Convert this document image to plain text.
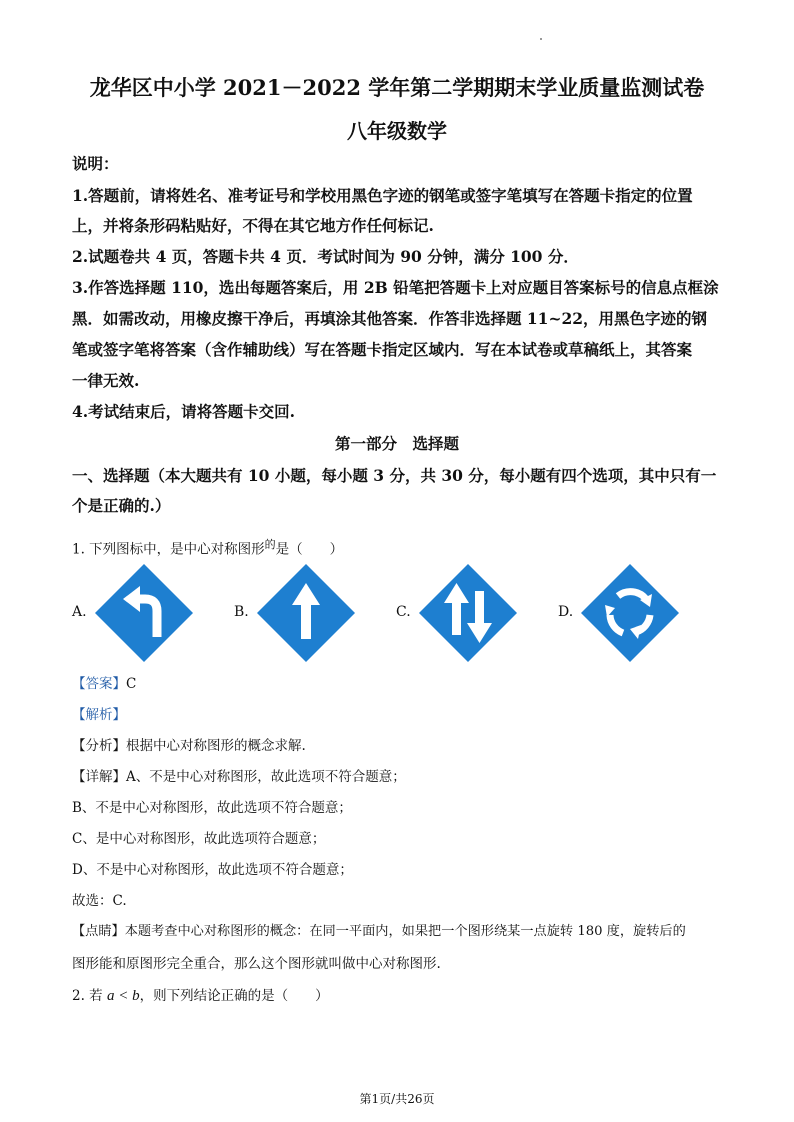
龙华区中小学 2021－2022 学年第二学期期末学业质量监测试卷
八年级数学
说明：
1.答题前，请将姓名、准考证号和学校用黑色字迹的钢笔或签字笔填写在答题卡指定的位置
上，并将条形码粘贴好，不得在其它地方作任何标记.
2.试题卷共 4 页，答题卡共 4 页．考试时间为 90 分钟，满分 100 分．
3.作答选择题 110，选出每题答案后，用 2B 铅笔把答题卡上对应题目答案标号的信息点框涂
黑．如需改动，用橡皮擦干净后，再填涂其他答案．作答非选择题 11~22，用黑色字迹的钢
笔或签字笔将答案（含作辅助线）写在答题卡指定区域内．写在本试卷或草稿纸上，其答案
一律无效.
4.考试结束后，请将答题卡交回.
第一部分　选择题
一、选择题（本大题共有 10 小题，每小题 3 分，共 30 分，每小题有四个选项，其中只有一
个是正确的.）
1. 下列图标中，是中心对称图形$^的$是（　　）
A.	B.	C.	D.
【答案】C
【解析】
【分析】根据中心对称图形的概念求解.
【详解】A、不是中心对称图形，故此选项不符合题意；
B、不是中心对称图形，故此选项不符合题意；
C、是中心对称图形，故此选项符合题意；
D、不是中心对称图形，故此选项不符合题意；
故选：C.
【点睛】本题考查中心对称图形的概念：在同一平面内，如果把一个图形绕某一点旋转 180 度，旋转后的
图形能和原图形完全重合，那么这个图形就叫做中心对称图形.
2. 若 a < b，则下列结论正确的是（　　）
第1页/共26页
